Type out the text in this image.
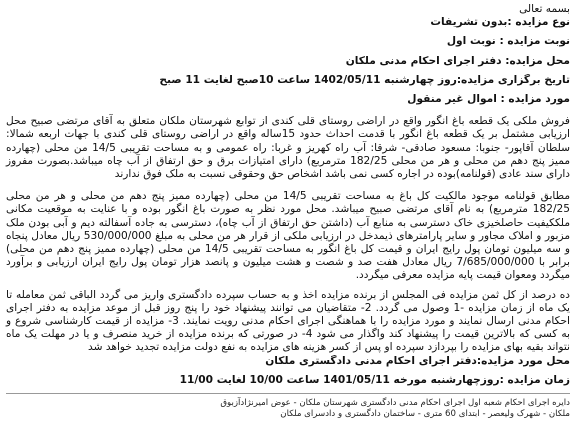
بسمه تعالی
نوع مزایده :بدون تشریفات
نوبت مزایده : نوبت اول
محل مزایده: دفتر اجرای احکام مدنی ملکان
تاریخ برگزاری مزایده:روز چهارشنبه 1402/05/11 ساعت 10صبح لغایت 11 صبح
مورد مزایده : اموال غیر منقول
فروش ملکی یک قطعه باغ انگور واقع در اراضی روستای قلی کندی از توابع شهرستان ملکان متعلق به آقای مرتضی صبیح محل ارزیابی مشتمل بر یک قطعه باغ انگور با قدمت احداث حدود 15ساله واقع در اراضی روستای قلی کندی با جهات اربعه شمالا: سلطان آقاپور- جنوبا: مسعود صادقی- شرقا: آب راه کهریز و غربا: راه عمومی و به مساحت تقریبی 14/5 من محلی (چهارده ممیز پنج دهم من محلی و هر من محلی 182/25 مترمربع) دارای امتیازات برق و حق ارتفاق از آب چاه میباشد.بصورت مفروز دارای سند عادی (قولنامه)بوده در اجاره کسی نمی باشد اشخاص حق وحقوقی نسبت به ملک فوق ندارند
مطابق قولنامه موجود مالکیت کل باغ به مساحت تقریبی 14/5 من محلی (چهارده ممیز پنج دهم من محلی و هر من محلی 182/25 مترمربع) به نام آقای مرتضی صبیح میباشد. محل مورد نظر به صورت باغ انگور بوده و با عنایت به موقعیت مکانی ملککیفیت حاصلخیزی خاک دسترسی به منابع آب (داشتن حق ارتفاق از آب چاه)، دسترسی به جاده آسفالته دیم و آبی بودن ملک مزبور و املاک مجاور و سایر پارامترهای ذیمدخل در ارزیابی ملکی از قرار هر من محلی به مبلغ 530/000/000 ریال معادل پنجاه و سه میلیون تومان پول رایج ایران و قیمت کل باغ انگور به مساحت تقریبی 14/5 من محلی (چهارده ممیز پنج دهم من محلی) برابر با 7/685/000/000 ریال معادل هفت صد و شصت و هشت میلیون و پانصد هزار تومان پول رایج ایران ارزیابی و برآورد میگردد ومعوان قیمت پایه مزایده معرفی میگردد.
ده درصد از کل ثمن مزایده فی المجلس از برنده مزایده اخذ و به حساب سپرده دادگستری واریز می گردد الباقی ثمن معامله تا یک ماه از زمان مزایده -1 وصول می گردد. 2- متقاضیان می توانند پیشنهاد خود را پنج روز قبل از موعد مزایده به دفتر اجرای احکام مدنی ارسال نمایند و مورد مزایده را با هماهنگی اجرای احکام مدنی رویت نمایند. 3- مزایده از قیمت کارشناسی شروع و به کسی که بالاترین قیمت را پیشنهاد کند واگذار می شود 4- در صورتی که برنده مزایده از خرید منصرف و یا در مهلت یک ماه نتواند بقیه بهای مزایده را بپردازد سپرده او پس از کسر هزینه های مزایده به نفع دولت مزایده تجدید خواهد شد
محل مورد مزایده:دفتر اجرای احکام مدنی دادگستری ملکان
زمان مزایده :روزچهارشنبه مورخه 1401/05/11 ساعت 10/00 لغایت 11/00
دایره اجرای احکام شعبه اول اجرای احکام مدنی دادگستری شهرستان ملکان - عوض امیرنژادآزبوق
ملکان - شهرک ولیعصر - ابتدای 60 متری - ساختمان دادگستری و دادسرای ملکان
